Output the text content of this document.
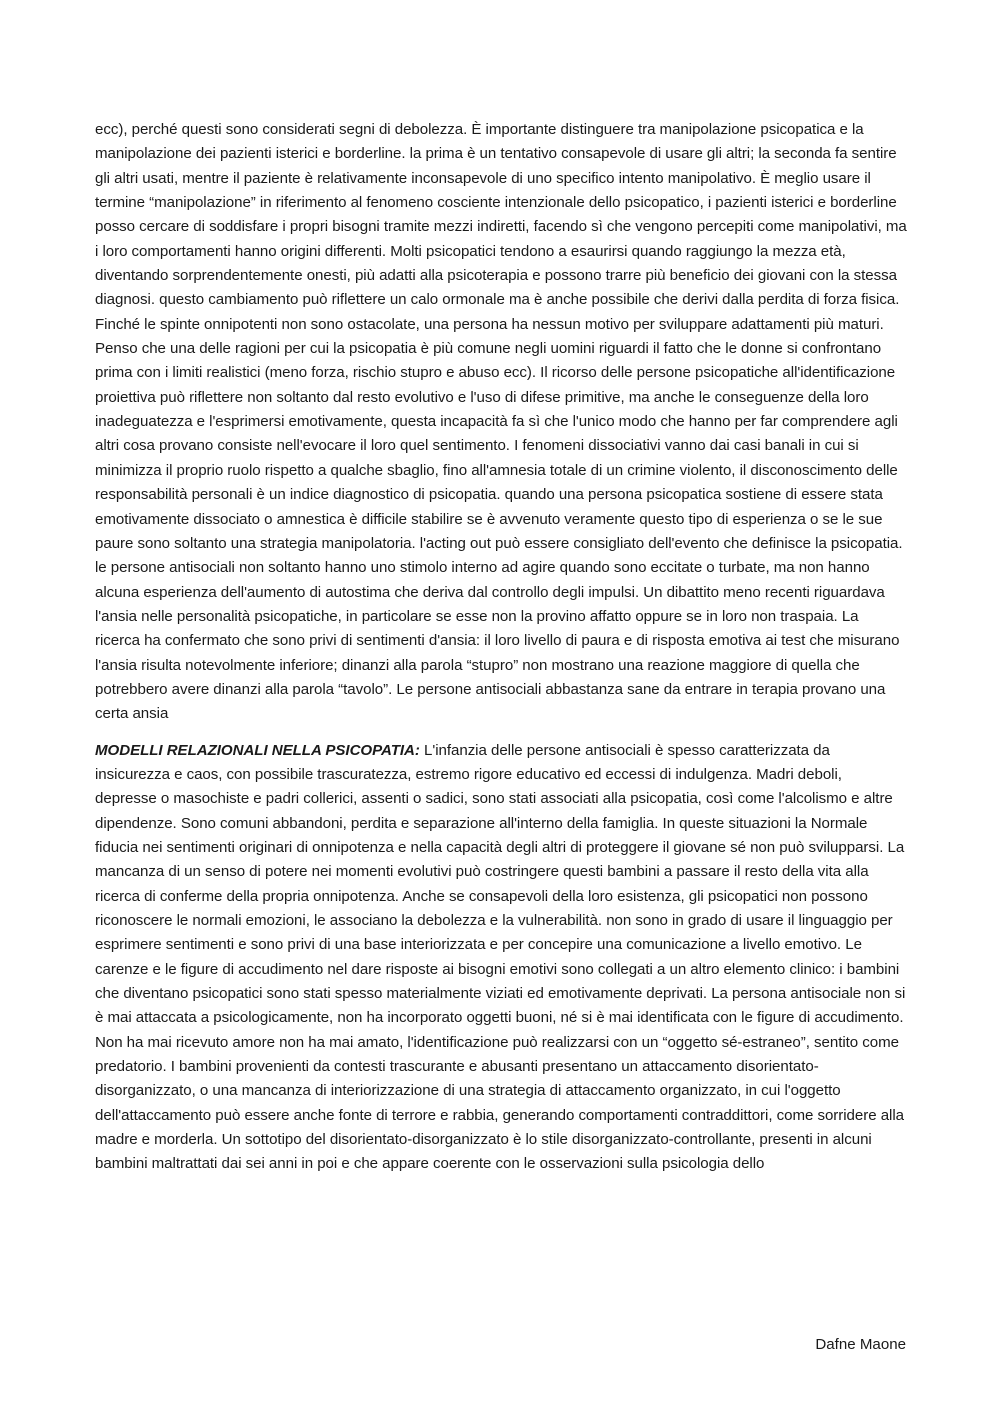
ecc), perché questi sono considerati segni di debolezza. È importante distinguere tra manipolazione psicopatica e la manipolazione dei pazienti isterici e borderline. la prima è un tentativo consapevole di usare gli altri; la seconda fa sentire gli altri usati, mentre il paziente è relativamente inconsapevole di uno specifico intento manipolativo. È meglio usare il termine “manipolazione” in riferimento al fenomeno cosciente intenzionale dello psicopatico, i pazienti isterici e borderline posso cercare di soddisfare i propri bisogni tramite mezzi indiretti, facendo sì che vengono percepiti come manipolativi, ma i loro comportamenti hanno origini differenti. Molti psicopatici tendono a esaurirsi quando raggiungo la mezza età, diventando sorprendentemente onesti, più adatti alla psicoterapia e possono trarre più beneficio dei giovani con la stessa diagnosi. questo cambiamento può riflettere un calo ormonale ma è anche possibile che derivi dalla perdita di forza fisica. Finché le spinte onnipotenti non sono ostacolate, una persona ha nessun motivo per sviluppare adattamenti più maturi. Penso che una delle ragioni per cui la psicopatia è più comune negli uomini riguardi il fatto che le donne si confrontano prima con i limiti realistici (meno forza, rischio stupro e abuso ecc). Il ricorso delle persone psicopatiche all'identificazione proiettiva può riflettere non soltanto dal resto evolutivo e l'uso di difese primitive, ma anche le conseguenze della loro inadeguatezza e l'esprimersi emotivamente, questa incapacità fa sì che l'unico modo che hanno per far comprendere agli altri cosa provano consiste nell'evocare il loro quel sentimento. I fenomeni dissociativi vanno dai casi banali in cui si minimizza il proprio ruolo rispetto a qualche sbaglio, fino all'amnesia totale di un crimine violento, il disconoscimento delle responsabilità personali è un indice diagnostico di psicopatia. quando una persona psicopatica sostiene di essere stata emotivamente dissociato o amnestica è difficile stabilire se è avvenuto veramente questo tipo di esperienza o se le sue paure sono soltanto una strategia manipolatoria. l'acting out può essere consigliato dell'evento che definisce la psicopatia. le persone antisociali non soltanto hanno uno stimolo interno ad agire quando sono eccitate o turbate, ma non hanno alcuna esperienza dell'aumento di autostima che deriva dal controllo degli impulsi. Un dibattito meno recenti riguardava l'ansia nelle personalità psicopatiche, in particolare se esse non la provino affatto oppure se in loro non traspaia. La ricerca ha confermato che sono privi di sentimenti d'ansia: il loro livello di paura e di risposta emotiva ai test che misurano l'ansia risulta notevolmente inferiore; dinanzi alla parola “stupro” non mostrano una reazione maggiore di quella che potrebbero avere dinanzi alla parola “tavolo”. Le persone antisociali abbastanza sane da entrare in terapia provano una certa ansia

MODELLI RELAZIONALI NELLA PSICOPATIA: L'infanzia delle persone antisociali è spesso caratterizzata da insicurezza e caos, con possibile trascuratezza, estremo rigore educativo ed eccessi di indulgenza. Madri deboli, depresse o masochiste e padri collerici, assenti o sadici, sono stati associati alla psicopatia, così come l'alcolismo e altre dipendenze. Sono comuni abbandoni, perdita e separazione all'interno della famiglia. In queste situazioni la Normale fiducia nei sentimenti originari di onnipotenza e nella capacità degli altri di proteggere il giovane sé non può svilupparsi. La mancanza di un senso di potere nei momenti evolutivi può costringere questi bambini a passare il resto della vita alla ricerca di conferme della propria onnipotenza. Anche se consapevoli della loro esistenza, gli psicopatici non possono riconoscere le normali emozioni, le associano la debolezza e la vulnerabilità. non sono in grado di usare il linguaggio per esprimere sentimenti e sono privi di una base interiorizzata e per concepire una comunicazione a livello emotivo. Le carenze e le figure di accudimento nel dare risposte ai bisogni emotivi sono collegati a un altro elemento clinico: i bambini che diventano psicopatici sono stati spesso materialmente viziati ed emotivamente deprivati. La persona antisociale non si è mai attaccata a psicologicamente, non ha incorporato oggetti buoni, né si è mai identificata con le figure di accudimento. Non ha mai ricevuto amore non ha mai amato, l'identificazione può realizzarsi con un “oggetto sé-estraneo”, sentito come predatorio. I bambini provenienti da contesti trascurante e abusanti presentano un attaccamento disorientato-disorganizzato, o una mancanza di interiorizzazione di una strategia di attaccamento organizzato, in cui l'oggetto dell'attaccamento può essere anche fonte di terrore e rabbia, generando comportamenti contraddittori, come sorridere alla madre e morderla. Un sottotipo del disorientato-disorganizzato è lo stile disorganizzato-controllante, presenti in alcuni bambini maltrattati dai sei anni in poi e che appare coerente con le osservazioni sulla psicologia dello

Dafne Maone
